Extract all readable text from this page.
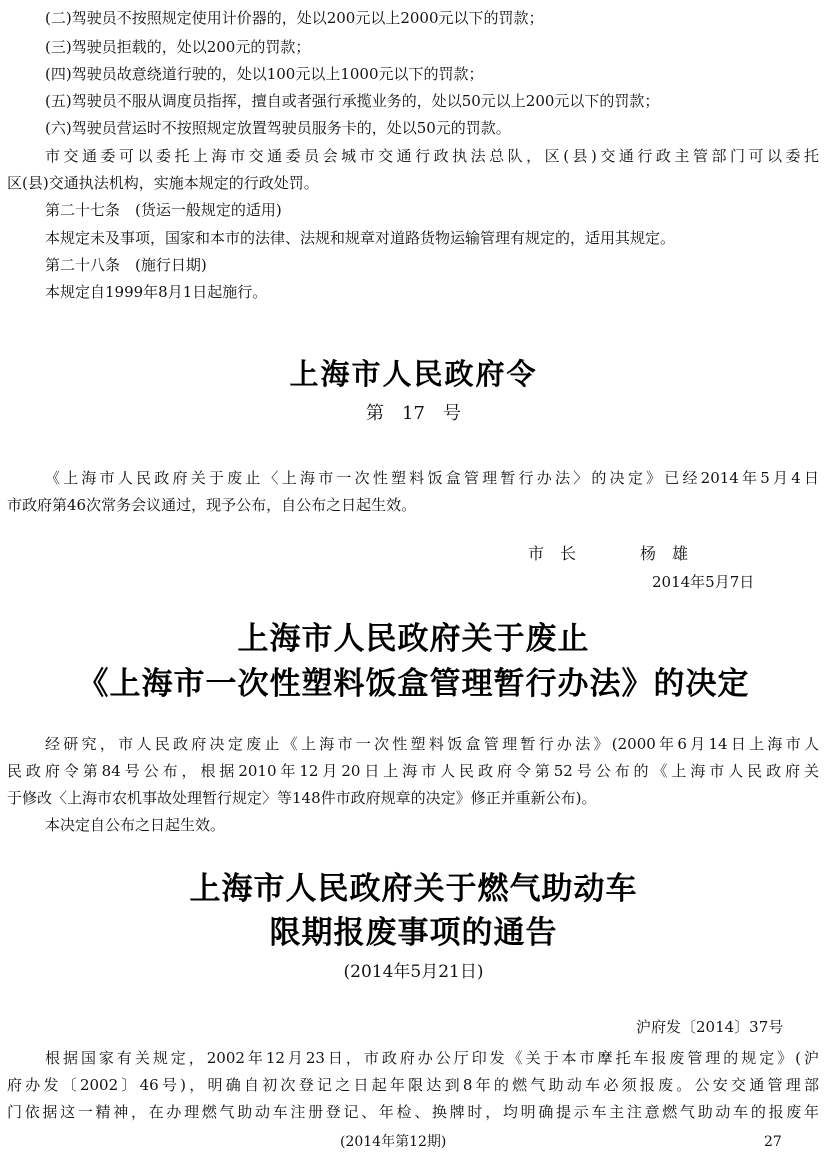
(二)驾驶员不按照规定使用计价器的，处以200元以上2000元以下的罚款；
(三)驾驶员拒载的，处以200元的罚款；
(四)驾驶员故意绕道行驶的，处以100元以上1000元以下的罚款；
(五)驾驶员不服从调度员指挥，擅自或者强行承揽业务的，处以50元以上200元以下的罚款；
(六)驾驶员营运时不按照规定放置驾驶员服务卡的，处以50元的罚款。
市交通委可以委托上海市交通委员会城市交通行政执法总队，区(县)交通行政主管部门可以委托
区(县)交通执法机构，实施本规定的行政处罚。
第二十七条　(货运一般规定的适用)
本规定未及事项，国家和本市的法律、法规和规章对道路货物运输管理有规定的，适用其规定。
第二十八条　(施行日期)
本规定自1999年8月1日起施行。
上海市人民政府令
第　17　号
《上海市人民政府关于废止〈上海市一次性塑料饭盒管理暂行办法〉的决定》已经2014年5月4日
市政府第46次常务会议通过，现予公布，自公布之日起生效。
市　长　　　　杨　雄
2014年5月7日
上海市人民政府关于废止
《上海市一次性塑料饭盒管理暂行办法》的决定
经研究，市人民政府决定废止《上海市一次性塑料饭盒管理暂行办法》(2000年6月14日上海市人
民政府令第84号公布，根据2010年12月20日上海市人民政府令第52号公布的《上海市人民政府关
于修改〈上海市农机事故处理暂行规定〉等148件市政府规章的决定》修正并重新公布)。
本决定自公布之日起生效。
上海市人民政府关于燃气助动车
限期报废事项的通告
(2014年5月21日)
沪府发〔2014〕37号
根据国家有关规定，2002年12月23日，市政府办公厅印发《关于本市摩托车报废管理的规定》(沪
府办发〔2002〕46号)，明确自初次登记之日起年限达到8年的燃气助动车必须报废。公安交通管理部
门依据这一精神，在办理燃气助动车注册登记、年检、换牌时，均明确提示车主注意燃气助动车的报废年
(2014年第12期)	27
